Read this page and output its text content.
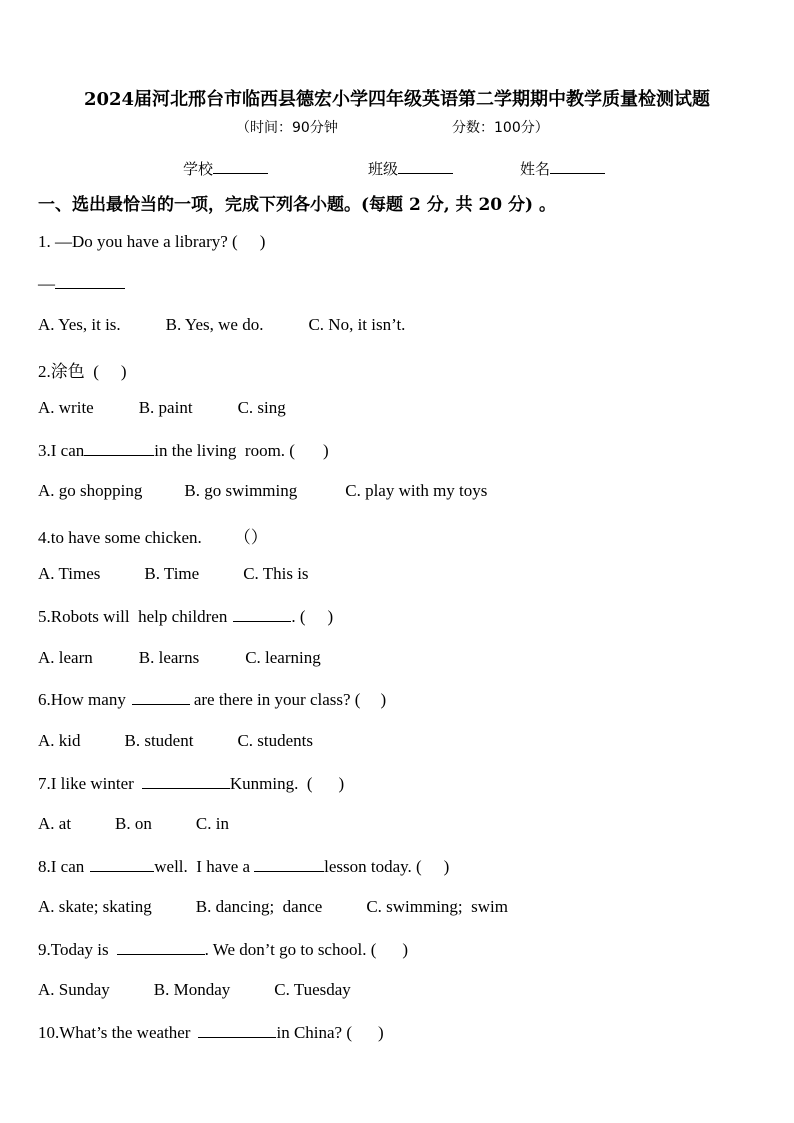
2024届河北邢台市临西县德宏小学四年级英语第二学期期中教学质量检测试题
（时间：90分钟	分数：100分）
学校	班级	姓名
一、选出最恰当的一项，完成下列各小题。(每题 2 分, 共 20 分) 。
1. —Do you have a library? ( )
—
A. Yes, it is.	B. Yes, we do.	C. No, it isn’t.
2.涂色  ( )
A. write	B. paint	C. sing
3.I can	in the living  room. ( )
A. go shopping B. go swimming	C. play with my toys
4.to have some chicken. （）
A. Times	B. Time	C. This is
5.Robots will  help children	. ( )
A. learn	B. learns	C. learning
6.How many	are there in your class? ( )
A. kid	B. student	C. students
7.I like winter	Kunming.  ( )
A. at	B. on	C. in
8.I can	well.  I have a	lesson today. ( )
A. skate; skating	B. dancing;  dance	C. swimming;  swim
9.Today is	. We don’t go to school. ( )
A. Sunday	B. Monday	C. Tuesday
10.What’s the weather	in China? ( )
